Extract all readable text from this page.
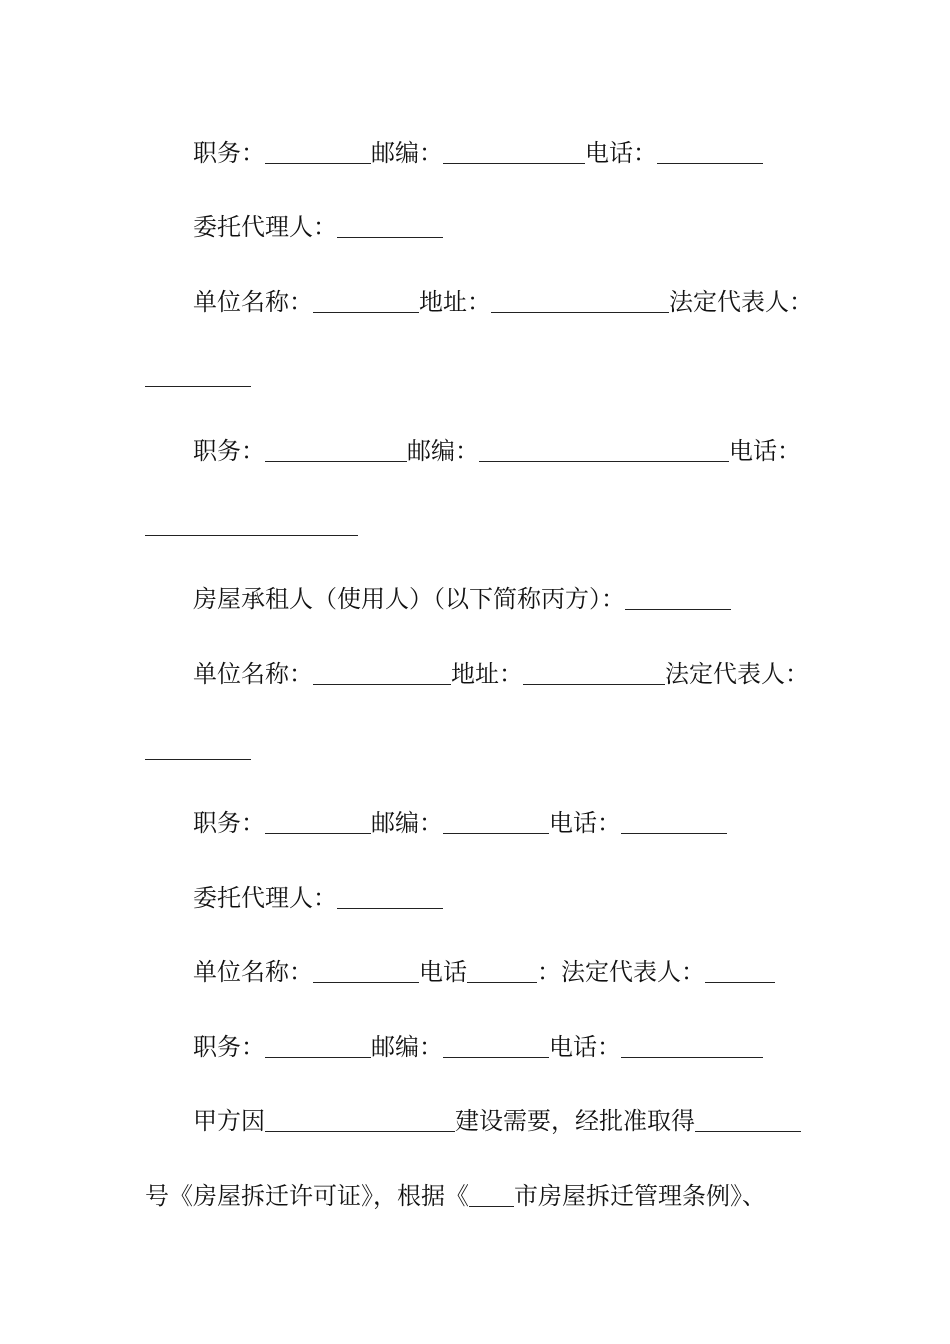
职务：	邮编：	电话：
委托代理人：
单位名称：	地址：	法定代表人：
职务：	邮编：	电话：
房屋承租人（使用人）（以下简称丙方）：
单位名称：	地址：	法定代表人：
职务：	邮编：	电话：
委托代理人：
单位名称：	电话	：法定代表人：
职务：	邮编：	电话：
甲方因	建设需要，经批准取得
号《房屋拆迁许可证》，根据《 市房屋拆迁管理条例》、
